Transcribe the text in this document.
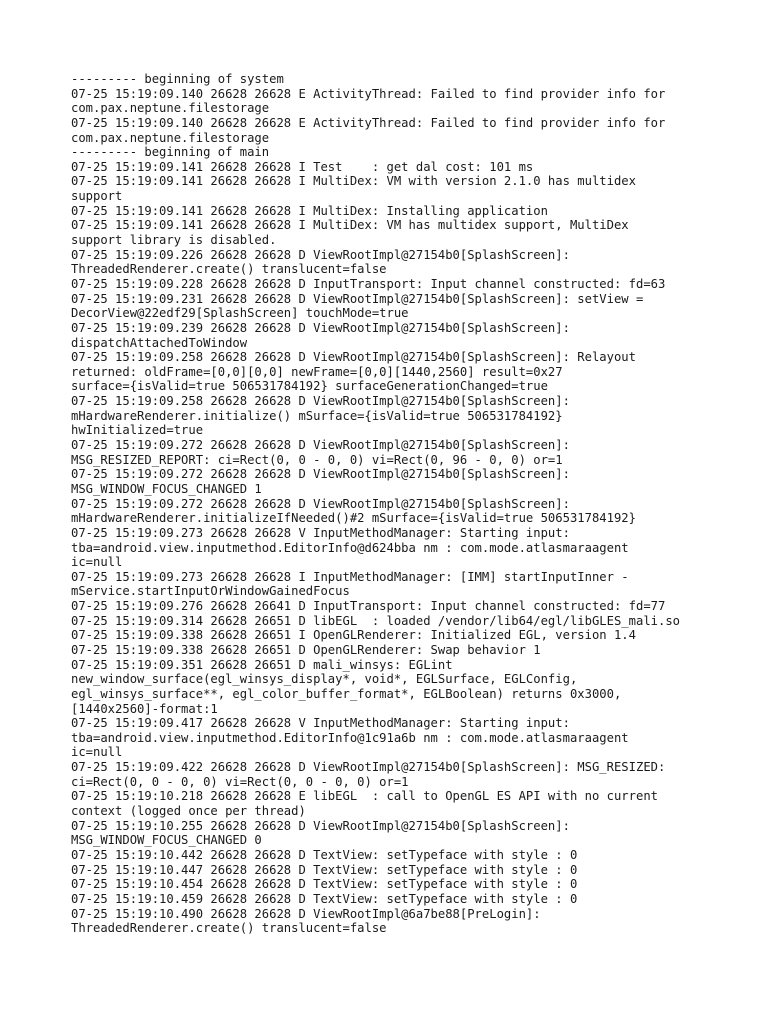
--------- beginning of system
07-25 15:19:09.140 26628 26628 E ActivityThread: Failed to find provider info for
com.pax.neptune.filestorage
07-25 15:19:09.140 26628 26628 E ActivityThread: Failed to find provider info for
com.pax.neptune.filestorage
--------- beginning of main
07-25 15:19:09.141 26628 26628 I Test    : get dal cost: 101 ms
07-25 15:19:09.141 26628 26628 I MultiDex: VM with version 2.1.0 has multidex
support
07-25 15:19:09.141 26628 26628 I MultiDex: Installing application
07-25 15:19:09.141 26628 26628 I MultiDex: VM has multidex support, MultiDex
support library is disabled.
07-25 15:19:09.226 26628 26628 D ViewRootImpl@27154b0[SplashScreen]:
ThreadedRenderer.create() translucent=false
07-25 15:19:09.228 26628 26628 D InputTransport: Input channel constructed: fd=63
07-25 15:19:09.231 26628 26628 D ViewRootImpl@27154b0[SplashScreen]: setView =
DecorView@22edf29[SplashScreen] touchMode=true
07-25 15:19:09.239 26628 26628 D ViewRootImpl@27154b0[SplashScreen]:
dispatchAttachedToWindow
07-25 15:19:09.258 26628 26628 D ViewRootImpl@27154b0[SplashScreen]: Relayout
returned: oldFrame=[0,0][0,0] newFrame=[0,0][1440,2560] result=0x27
surface={isValid=true 506531784192} surfaceGenerationChanged=true
07-25 15:19:09.258 26628 26628 D ViewRootImpl@27154b0[SplashScreen]:
mHardwareRenderer.initialize() mSurface={isValid=true 506531784192}
hwInitialized=true
07-25 15:19:09.272 26628 26628 D ViewRootImpl@27154b0[SplashScreen]:
MSG_RESIZED_REPORT: ci=Rect(0, 0 - 0, 0) vi=Rect(0, 96 - 0, 0) or=1
07-25 15:19:09.272 26628 26628 D ViewRootImpl@27154b0[SplashScreen]:
MSG_WINDOW_FOCUS_CHANGED 1
07-25 15:19:09.272 26628 26628 D ViewRootImpl@27154b0[SplashScreen]:
mHardwareRenderer.initializeIfNeeded()#2 mSurface={isValid=true 506531784192}
07-25 15:19:09.273 26628 26628 V InputMethodManager: Starting input:
tba=android.view.inputmethod.EditorInfo@d624bba nm : com.mode.atlasmaraagent
ic=null
07-25 15:19:09.273 26628 26628 I InputMethodManager: [IMM] startInputInner -
mService.startInputOrWindowGainedFocus
07-25 15:19:09.276 26628 26641 D InputTransport: Input channel constructed: fd=77
07-25 15:19:09.314 26628 26651 D libEGL  : loaded /vendor/lib64/egl/libGLES_mali.so
07-25 15:19:09.338 26628 26651 I OpenGLRenderer: Initialized EGL, version 1.4
07-25 15:19:09.338 26628 26651 D OpenGLRenderer: Swap behavior 1
07-25 15:19:09.351 26628 26651 D mali_winsys: EGLint
new_window_surface(egl_winsys_display*, void*, EGLSurface, EGLConfig,
egl_winsys_surface**, egl_color_buffer_format*, EGLBoolean) returns 0x3000,
[1440x2560]-format:1
07-25 15:19:09.417 26628 26628 V InputMethodManager: Starting input:
tba=android.view.inputmethod.EditorInfo@1c91a6b nm : com.mode.atlasmaraagent
ic=null
07-25 15:19:09.422 26628 26628 D ViewRootImpl@27154b0[SplashScreen]: MSG_RESIZED:
ci=Rect(0, 0 - 0, 0) vi=Rect(0, 0 - 0, 0) or=1
07-25 15:19:10.218 26628 26628 E libEGL  : call to OpenGL ES API with no current
context (logged once per thread)
07-25 15:19:10.255 26628 26628 D ViewRootImpl@27154b0[SplashScreen]:
MSG_WINDOW_FOCUS_CHANGED 0
07-25 15:19:10.442 26628 26628 D TextView: setTypeface with style : 0
07-25 15:19:10.447 26628 26628 D TextView: setTypeface with style : 0
07-25 15:19:10.454 26628 26628 D TextView: setTypeface with style : 0
07-25 15:19:10.459 26628 26628 D TextView: setTypeface with style : 0
07-25 15:19:10.490 26628 26628 D ViewRootImpl@6a7be88[PreLogin]:
ThreadedRenderer.create() translucent=false
